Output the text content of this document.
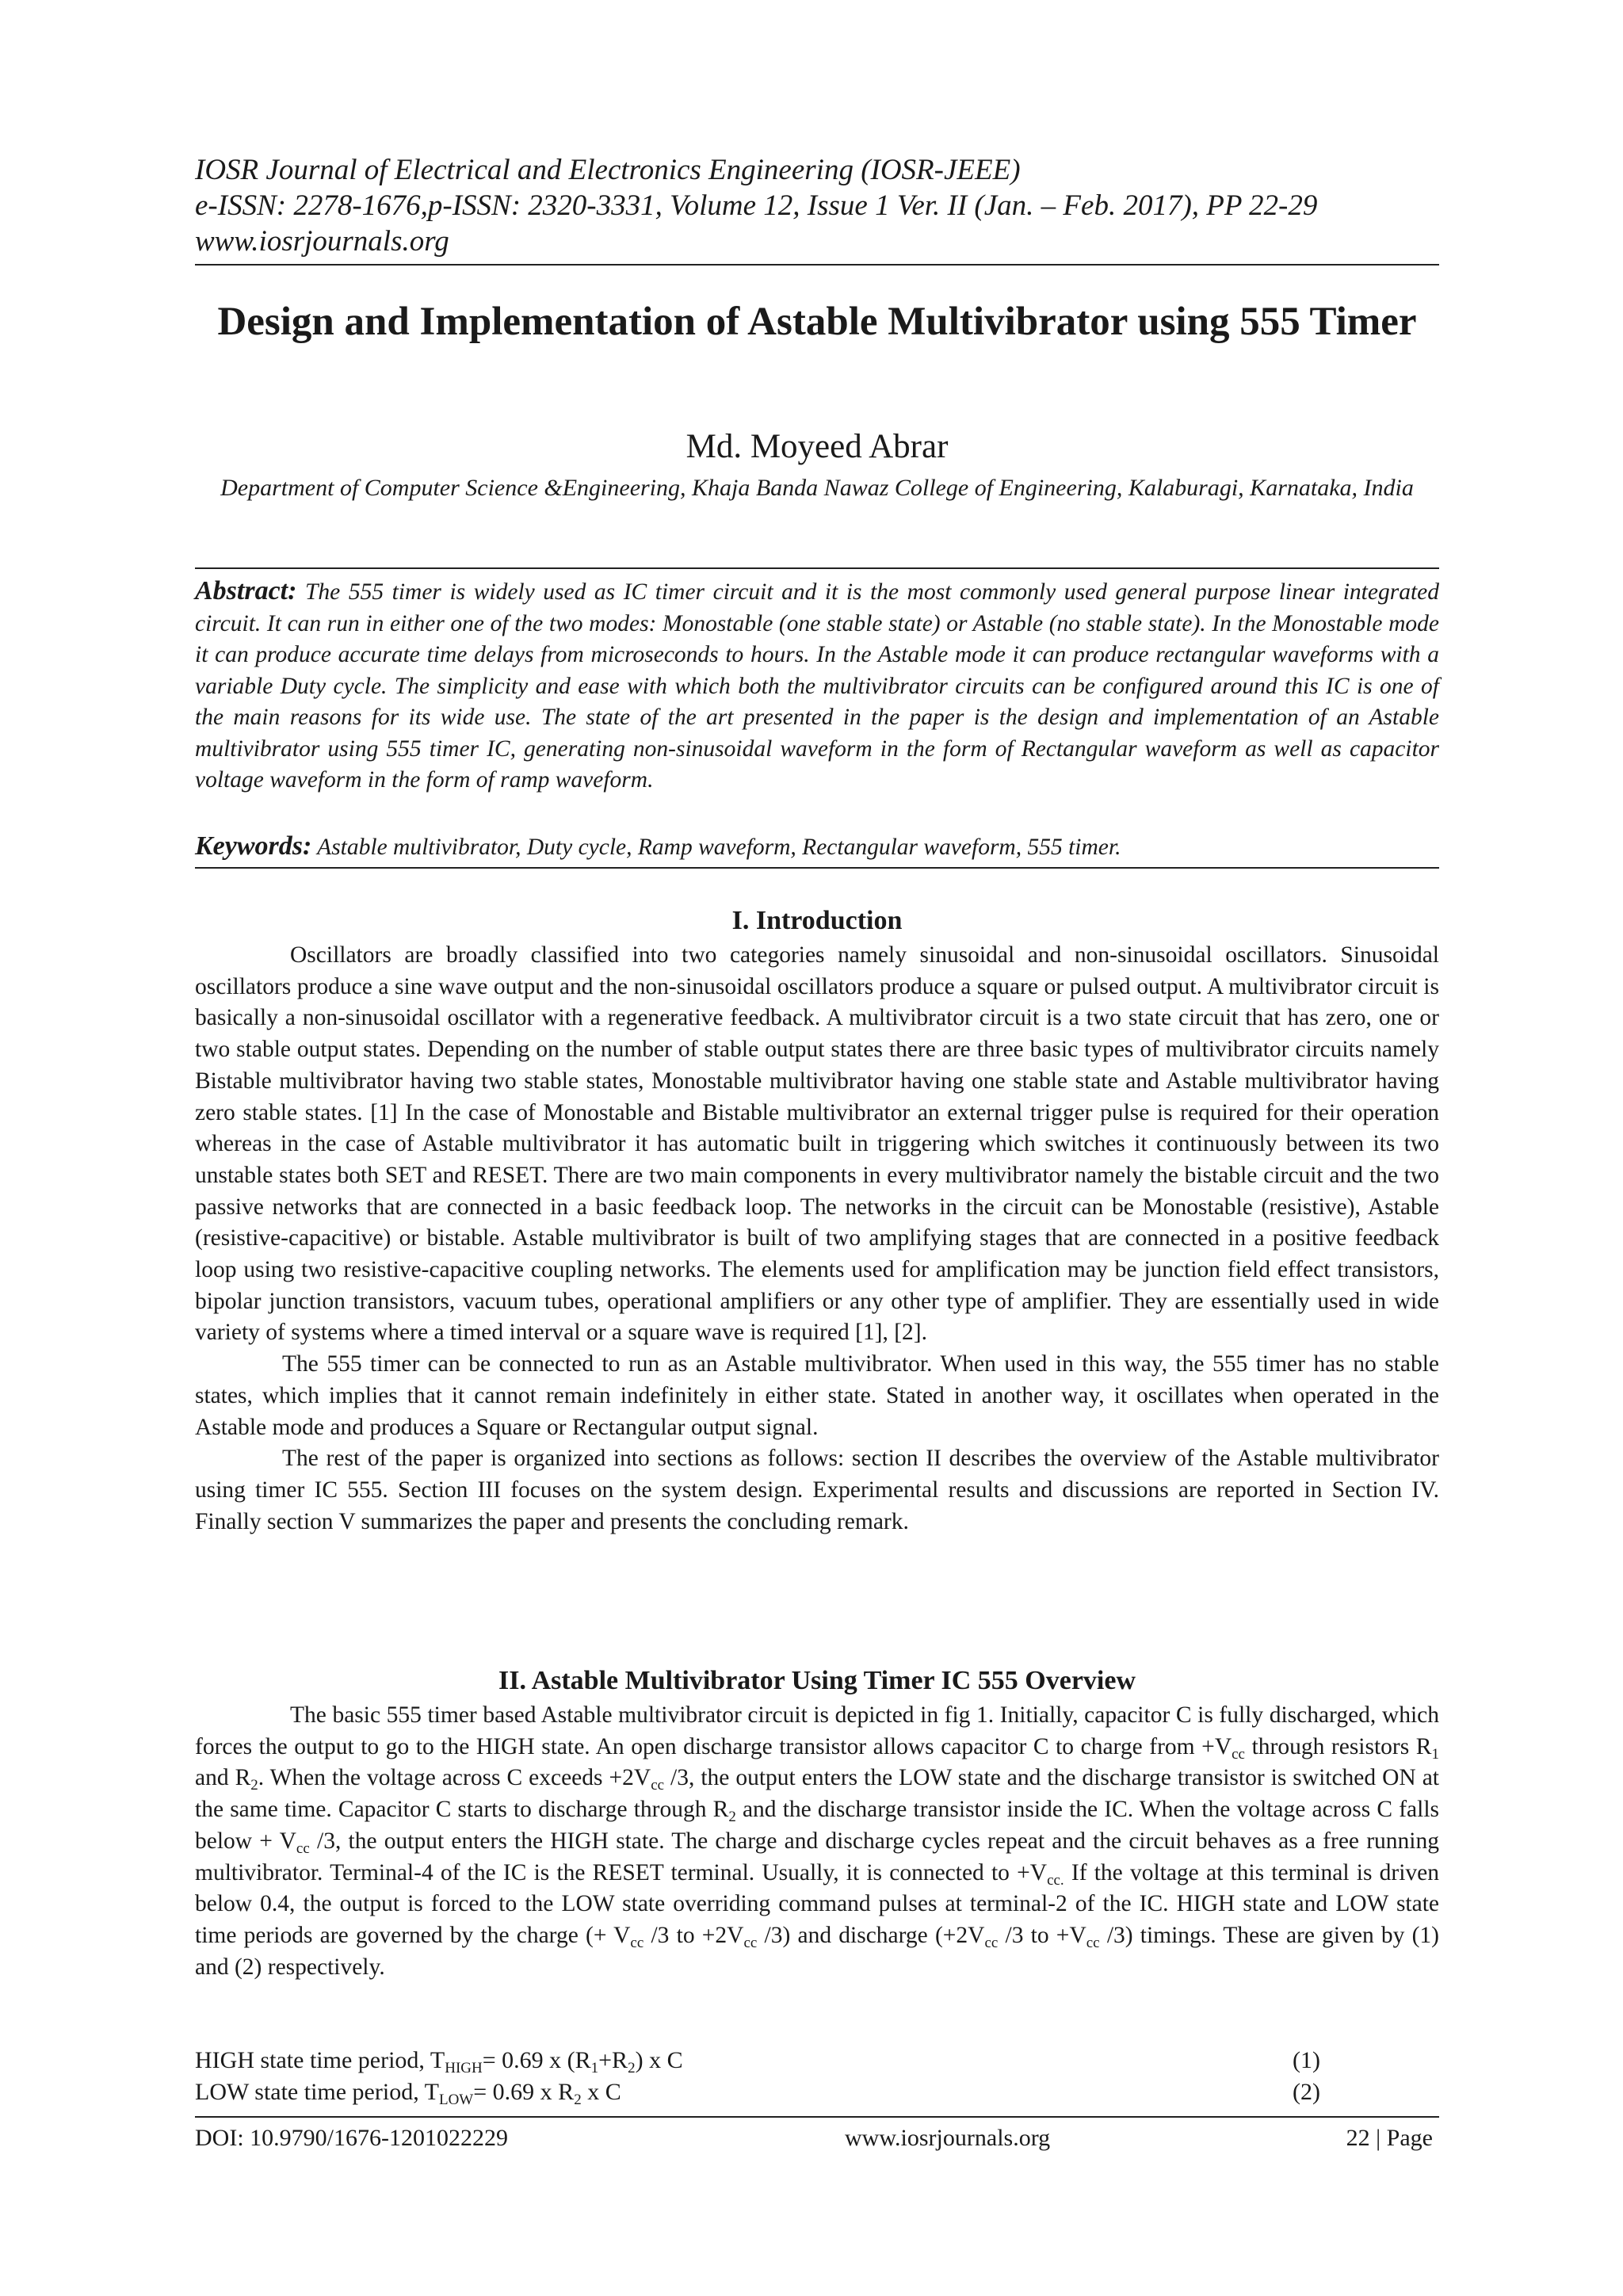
IOSR Journal of Electrical and Electronics Engineering (IOSR-JEEE)
e-ISSN: 2278-1676,p-ISSN: 2320-3331, Volume 12, Issue 1 Ver. II (Jan. – Feb. 2017), PP 22-29
www.iosrjournals.org
Design and Implementation of Astable Multivibrator using 555 Timer
Md. Moyeed Abrar
Department of Computer Science &Engineering, Khaja Banda Nawaz College of Engineering, Kalaburagi, Karnataka, India
Abstract: The 555 timer is widely used as IC timer circuit and it is the most commonly used general purpose linear integrated circuit. It can run in either one of the two modes: Monostable (one stable state) or Astable (no stable state). In the Monostable mode it can produce accurate time delays from microseconds to hours. In the Astable mode it can produce rectangular waveforms with a variable Duty cycle. The simplicity and ease with which both the multivibrator circuits can be configured around this IC is one of the main reasons for its wide use. The state of the art presented in the paper is the design and implementation of an Astable multivibrator using 555 timer IC, generating non-sinusoidal waveform in the form of Rectangular waveform as well as capacitor voltage waveform in the form of ramp waveform.
Keywords: Astable multivibrator, Duty cycle, Ramp waveform, Rectangular waveform, 555 timer.
I. Introduction

Oscillators are broadly classified into two categories namely sinusoidal and non-sinusoidal oscillators. Sinusoidal oscillators produce a sine wave output and the non-sinusoidal oscillators produce a square or pulsed output. A multivibrator circuit is basically a non-sinusoidal oscillator with a regenerative feedback. A multivibrator circuit is a two state circuit that has zero, one or two stable output states. Depending on the number of stable output states there are three basic types of multivibrator circuits namely Bistable multivibrator having two stable states, Monostable multivibrator having one stable state and Astable multivibrator having zero stable states. [1] In the case of Monostable and Bistable multivibrator an external trigger pulse is required for their operation whereas in the case of Astable multivibrator it has automatic built in triggering which switches it continuously between its two unstable states both SET and RESET. There are two main components in every multivibrator namely the bistable circuit and the two passive networks that are connected in a basic feedback loop. The networks in the circuit can be Monostable (resistive), Astable (resistive-capacitive) or bistable. Astable multivibrator is built of two amplifying stages that are connected in a positive feedback loop using two resistive-capacitive coupling networks. The elements used for amplification may be junction field effect transistors, bipolar junction transistors, vacuum tubes, operational amplifiers or any other type of amplifier. They are essentially used in wide variety of systems where a timed interval or a square wave is required [1], [2].

The 555 timer can be connected to run as an Astable multivibrator. When used in this way, the 555 timer has no stable states, which implies that it cannot remain indefinitely in either state. Stated in another way, it oscillates when operated in the Astable mode and produces a Square or Rectangular output signal.

The rest of the paper is organized into sections as follows: section II describes the overview of the Astable multivibrator using timer IC 555. Section III focuses on the system design. Experimental results and discussions are reported in Section IV. Finally section V summarizes the paper and presents the concluding remark.

II. Astable Multivibrator Using Timer IC 555 Overview

The basic 555 timer based Astable multivibrator circuit is depicted in fig 1. Initially, capacitor C is fully discharged, which forces the output to go to the HIGH state. An open discharge transistor allows capacitor C to charge from $+V_{cc}$ through resistors $R_1$ and $R_2$. When the voltage across C exceeds $+2V_{cc}$ /3, the output enters the LOW state and the discharge transistor is switched ON at the same time. Capacitor C starts to discharge through $R_2$ and the discharge transistor inside the IC. When the voltage across C falls below + $V_{cc}$ /3, the output enters the HIGH state. The charge and discharge cycles repeat and the circuit behaves as a free running multivibrator. Terminal-4 of the IC is the RESET terminal. Usually, it is connected to $+V_{cc.}$ If the voltage at this terminal is driven below 0.4, the output is forced to the LOW state overriding command pulses at terminal-2 of the IC. HIGH state and LOW state time periods are governed by the charge (+ $V_{cc}$ /3 to $+2V_{cc}$ /3) and discharge ($+2V_{cc}$ /3 to $+V_{cc}$ /3) timings. These are given by (1) and (2) respectively.

HIGH state time period, $T_{HIGH}= 0.69$ x $(R_1+R_2)$ x C	(1)
LOW state time period, $T_{LOW}= 0.69$ x $R_2$ x C	(2)
DOI: 10.9790/1676-1201022229	www.iosrjournals.org	22 | Page
